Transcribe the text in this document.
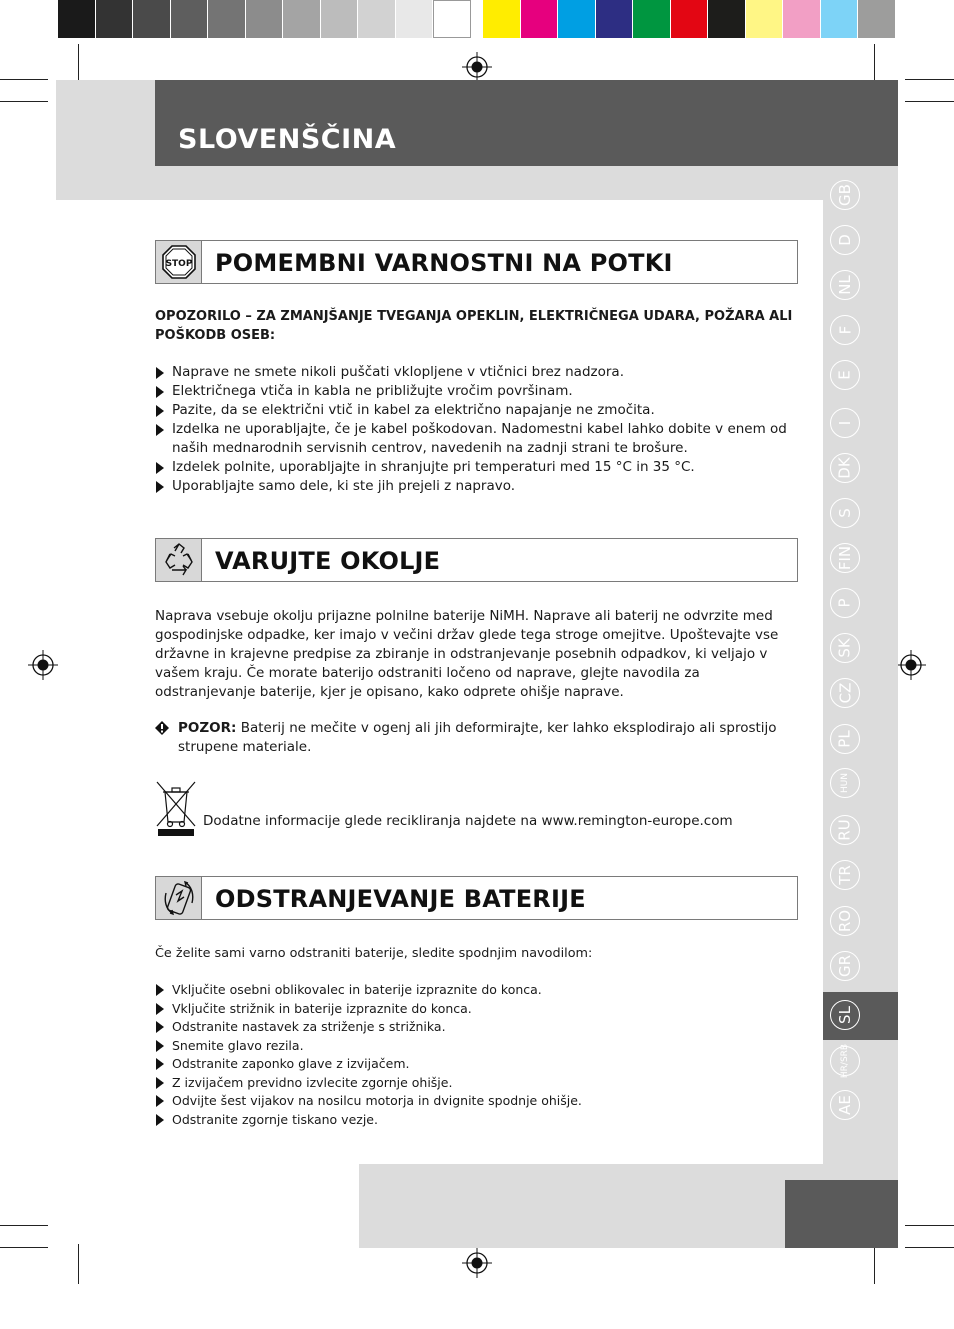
SLOVENŠČINA
GB
D
NL
F
E
I
DK
S
FIN
P
SK
CZ
PL
HUN
RU
TR
RO
GR
SL
HR/SRB
AE
STOP POMEMBNI VARNOSTNI NA POTKI
OPOZORILO – ZA ZMANJŠANJE TVEGANJA OPEKLIN, ELEKTRIČNEGA UDARA, POŽARA ALI POŠKODB OSEB:
Naprave ne smete nikoli puščati vklopljene v vtičnici brez nadzora.
Električnega vtiča in kabla ne približujte vročim površinam.
Pazite, da se električni vtič in kabel za električno napajanje ne zmočita.
Izdelka ne uporabljajte, če je kabel poškodovan. Nadomestni kabel lahko dobite v enem od naših mednarodnih servisnih centrov, navedenih na zadnji strani te brošure.
Izdelek polnite, uporabljajte in shranjujte pri temperaturi med 15 °C in 35 °C.
Uporabljajte samo dele, ki ste jih prejeli z napravo.
VARUJTE OKOLJE
Naprava vsebuje okolju prijazne polnilne baterije NiMH. Naprave ali baterij ne odvrzite med gospodinjske odpadke, ker imajo v večini držav glede tega stroge omejitve. Upoštevajte vse državne in krajevne predpise za zbiranje in odstranjevanje posebnih odpadkov, ki veljajo v vašem kraju. Če morate baterijo odstraniti ločeno od naprave, glejte navodila za odstranjevanje baterije, kjer je opisano, kako odprete ohišje naprave.
POZOR: Baterij ne mečite v ogenj ali jih deformirajte, ker lahko eksplodirajo ali sprostijo strupene materiale.
Dodatne informacije glede recikliranja najdete na www.remington-europe.com
ODSTRANJEVANJE BATERIJE
Če želite sami varno odstraniti baterije, sledite spodnjim navodilom:
Vključite osebni oblikovalec in baterije izpraznite do konca.
Vključite strižnik in baterije izpraznite do konca.
Odstranite nastavek za striženje s strižnika.
Snemite glavo rezila.
Odstranite zaponko glave z izvijačem.
Z izvijačem previdno izvlecite zgornje ohišje.
Odvijte šest vijakov na nosilcu motorja in dvignite spodnje ohišje.
Odstranite zgornje tiskano vezje.
